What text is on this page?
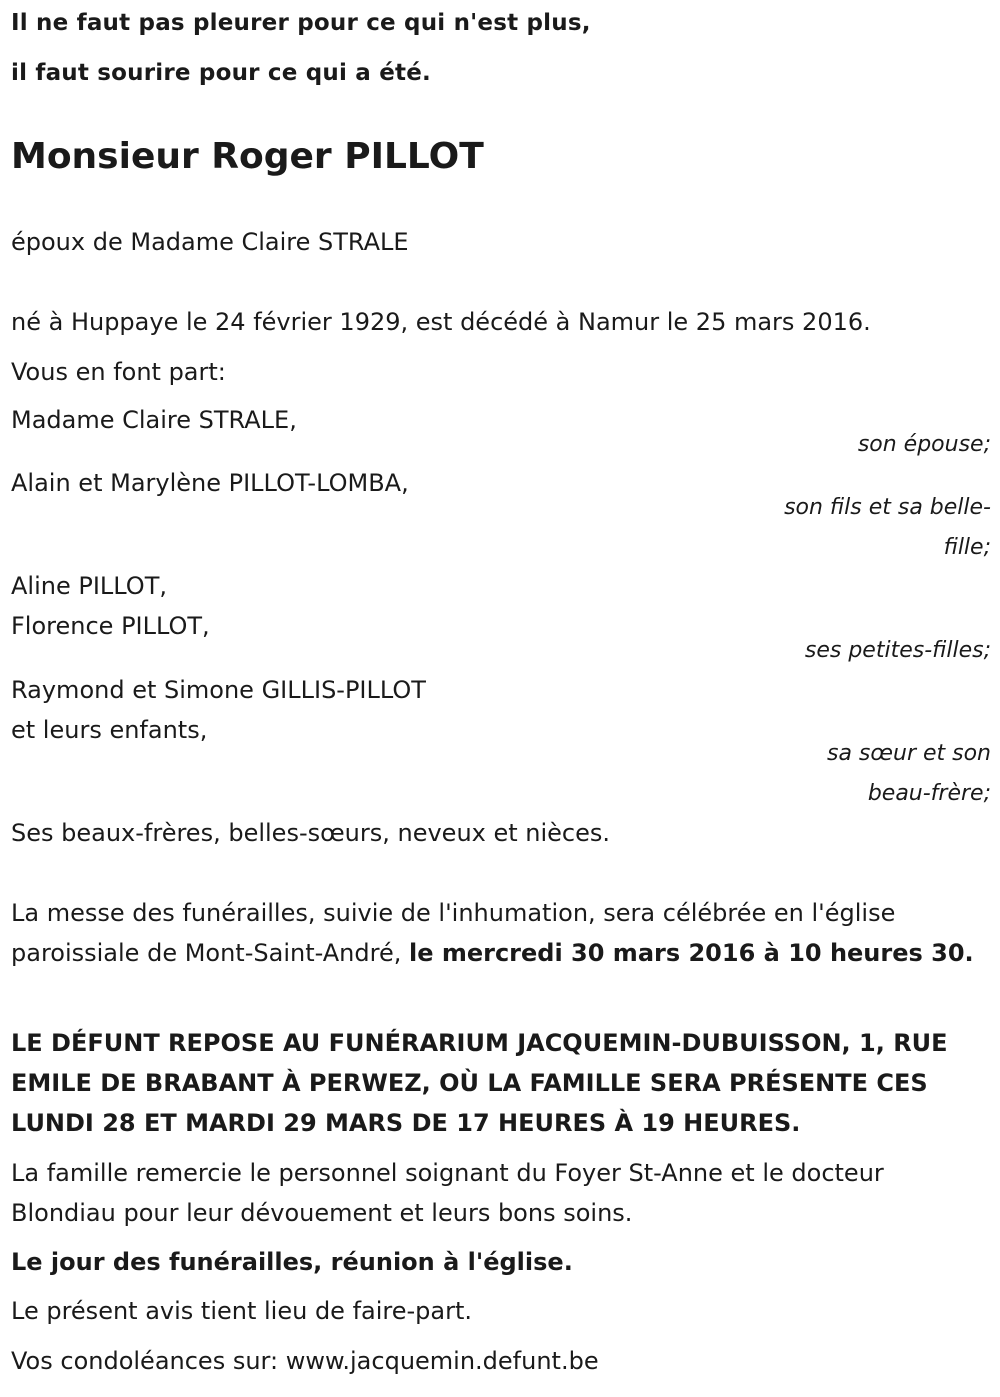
Il ne faut pas pleurer pour ce qui n'est plus,
il faut sourire pour ce qui a été.
Monsieur Roger PILLOT
époux de Madame Claire STRALE
né à Huppaye le 24 février 1929, est décédé à Namur le 25 mars 2016.
Vous en font part:
Madame Claire STRALE,
son épouse;
Alain et Marylène PILLOT-LOMBA,
son fils et sa belle-
fille;
Aline PILLOT,
Florence PILLOT,
ses petites-filles;
Raymond et Simone GILLIS-PILLOT
et leurs enfants,
sa sœur et son
beau-frère;
Ses beaux-frères, belles-sœurs, neveux et nièces.

La messe des funérailles, suivie de l'inhumation, sera célébrée en l'église paroissiale de Mont-Saint-André, le mercredi 30 mars 2016 à 10 heures 30.

LE DÉFUNT REPOSE AU FUNÉRARIUM JACQUEMIN-DUBUISSON, 1, RUE EMILE DE BRABANT À PERWEZ, OÙ LA FAMILLE SERA PRÉSENTE CES LUNDI 28 ET MARDI 29 MARS DE 17 HEURES À 19 HEURES.

La famille remercie le personnel soignant du Foyer St-Anne et le docteur Blondiau pour leur dévouement et leurs bons soins.

Le jour des funérailles, réunion à l'église.
Le présent avis tient lieu de faire-part.
Vos condoléances sur: www.jacquemin.defunt.be
